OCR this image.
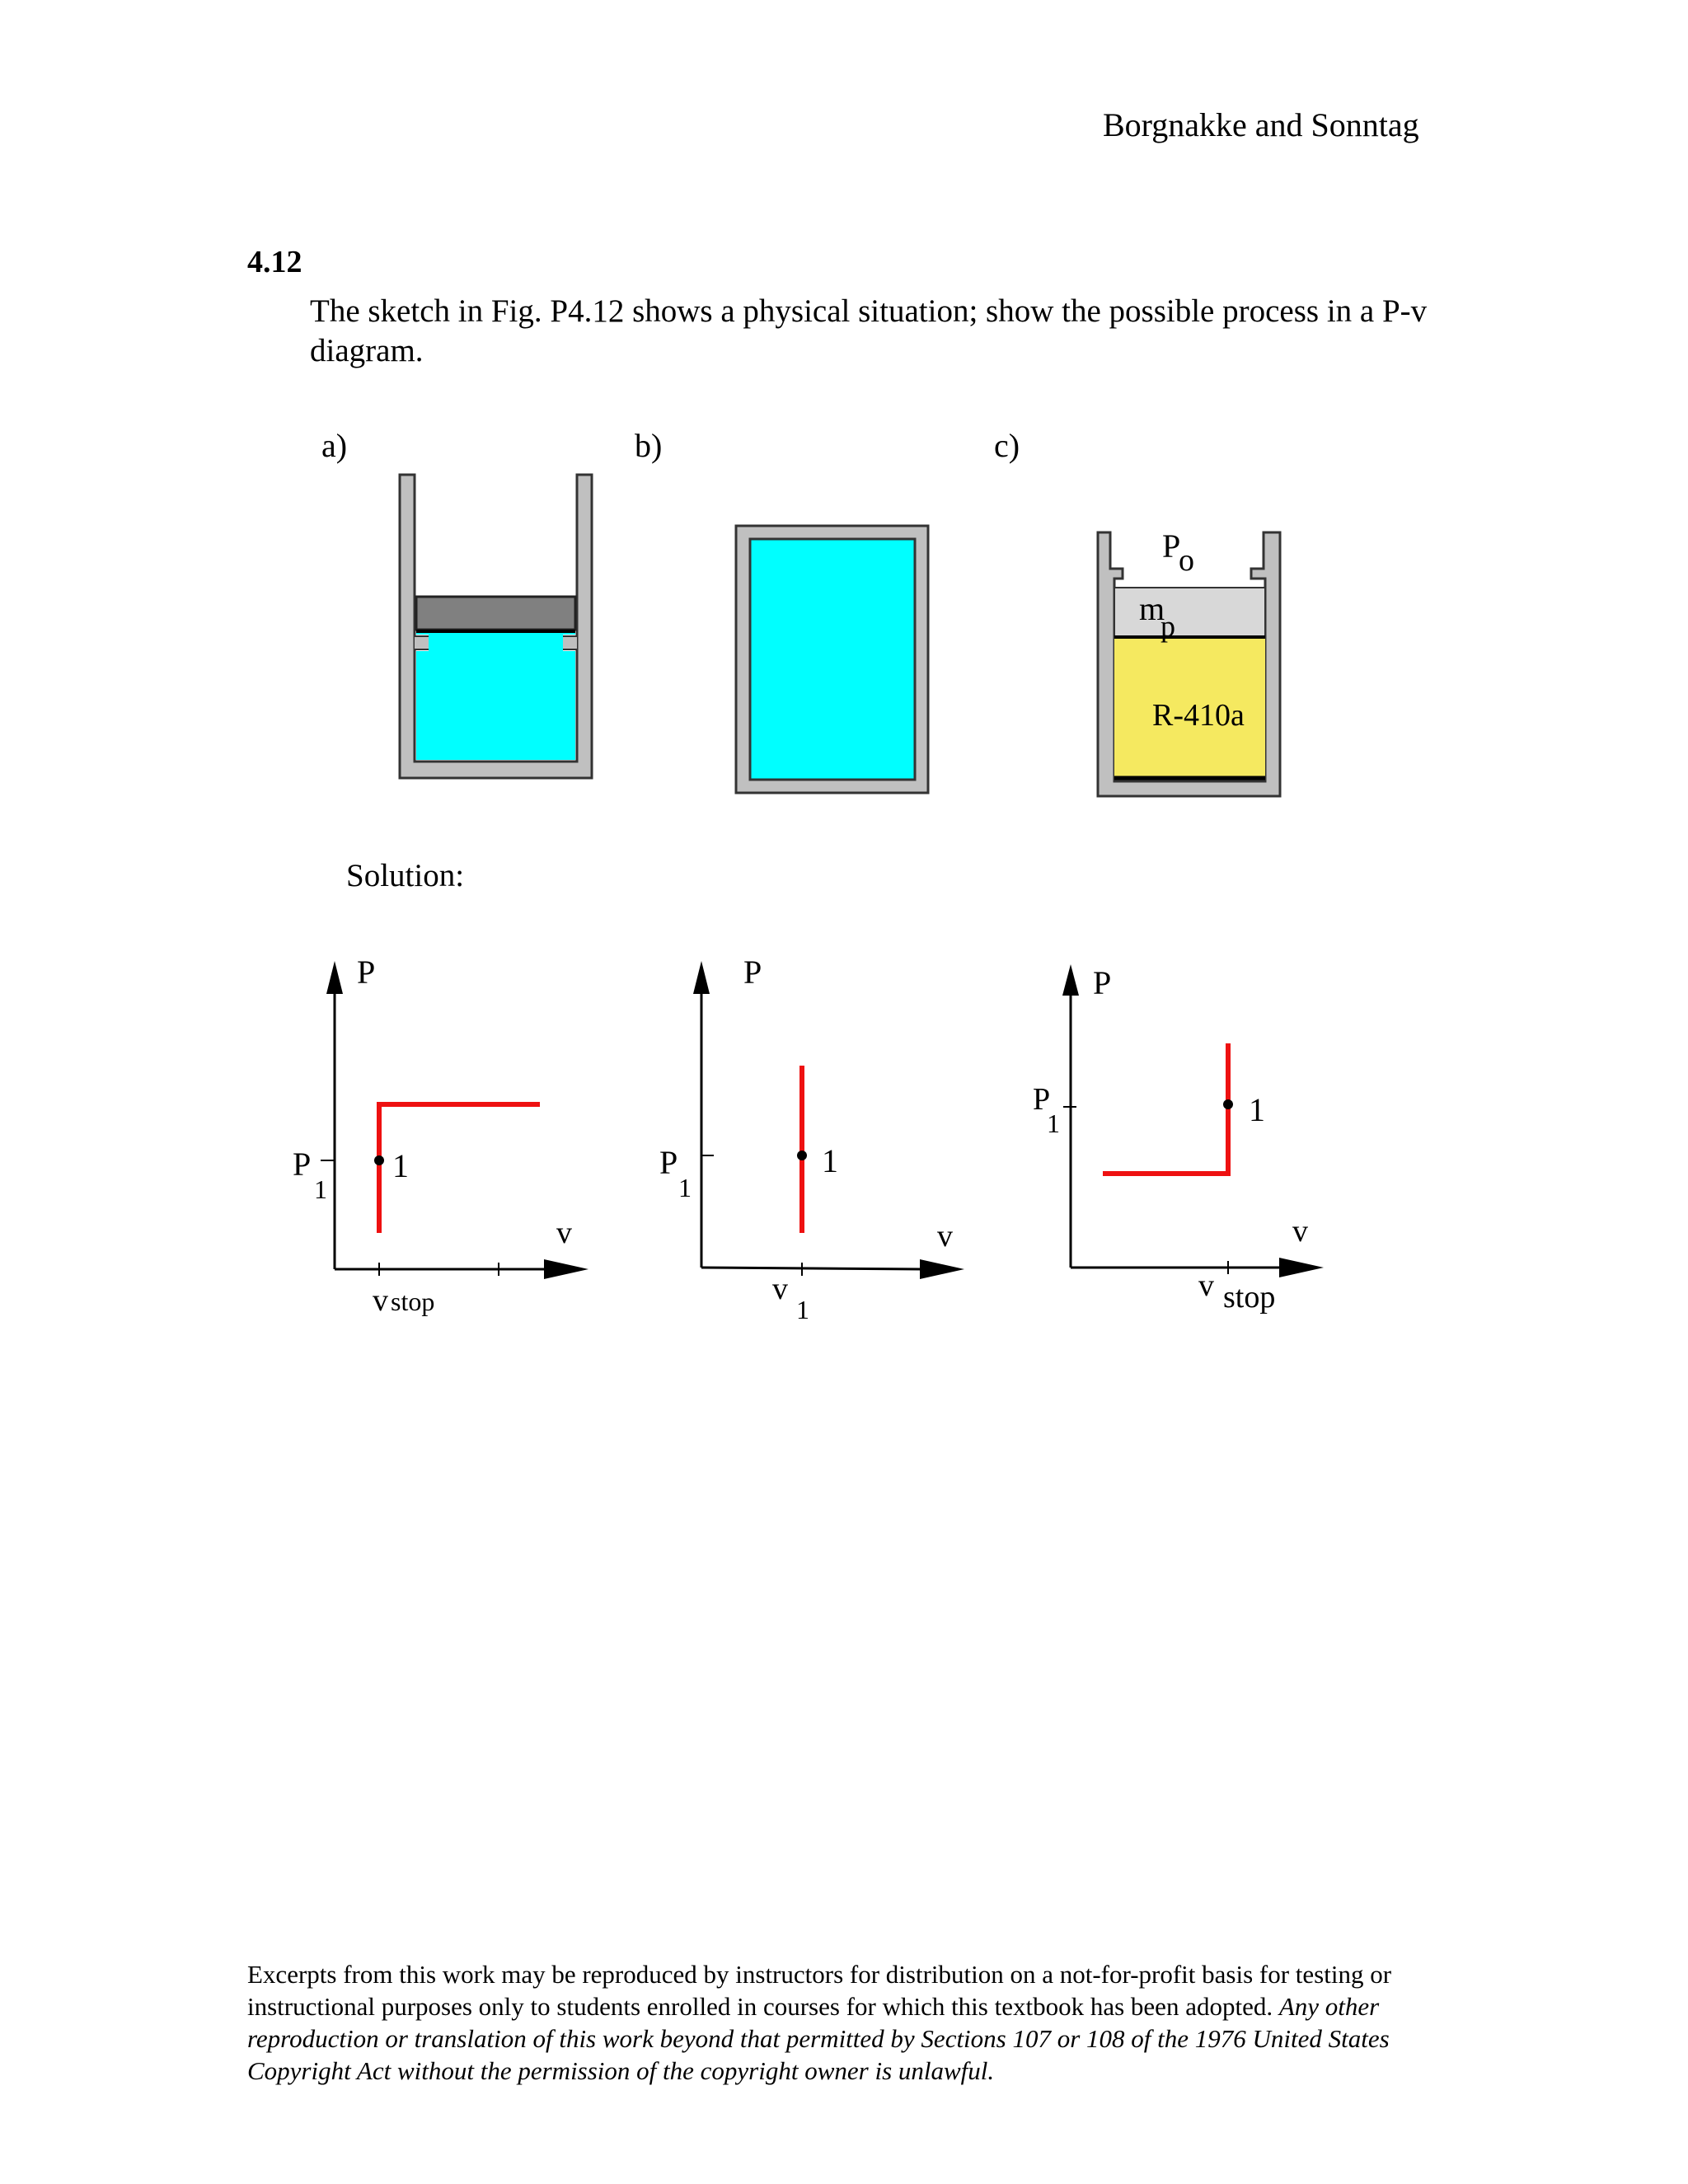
Borgnakke and Sonntag
4.12
The sketch in Fig. P4.12 shows a physical situation; show the possible process in a P-v diagram.
Solution:
a)	b)	c)
P
o
m
p
R-410a
1
P
P
1
v
v stop
1
P
P
1
v
v
1
1
P
P
1
v
v stop
Excerpts from this work may be reproduced by instructors for distribution on a not-for-profit basis for testing or instructional purposes only to students enrolled in courses for which this textbook has been adopted. Any other reproduction or translation of this work beyond that permitted by Sections 107 or 108 of the 1976 United States Copyright Act without the permission of the copyright owner is unlawful.
